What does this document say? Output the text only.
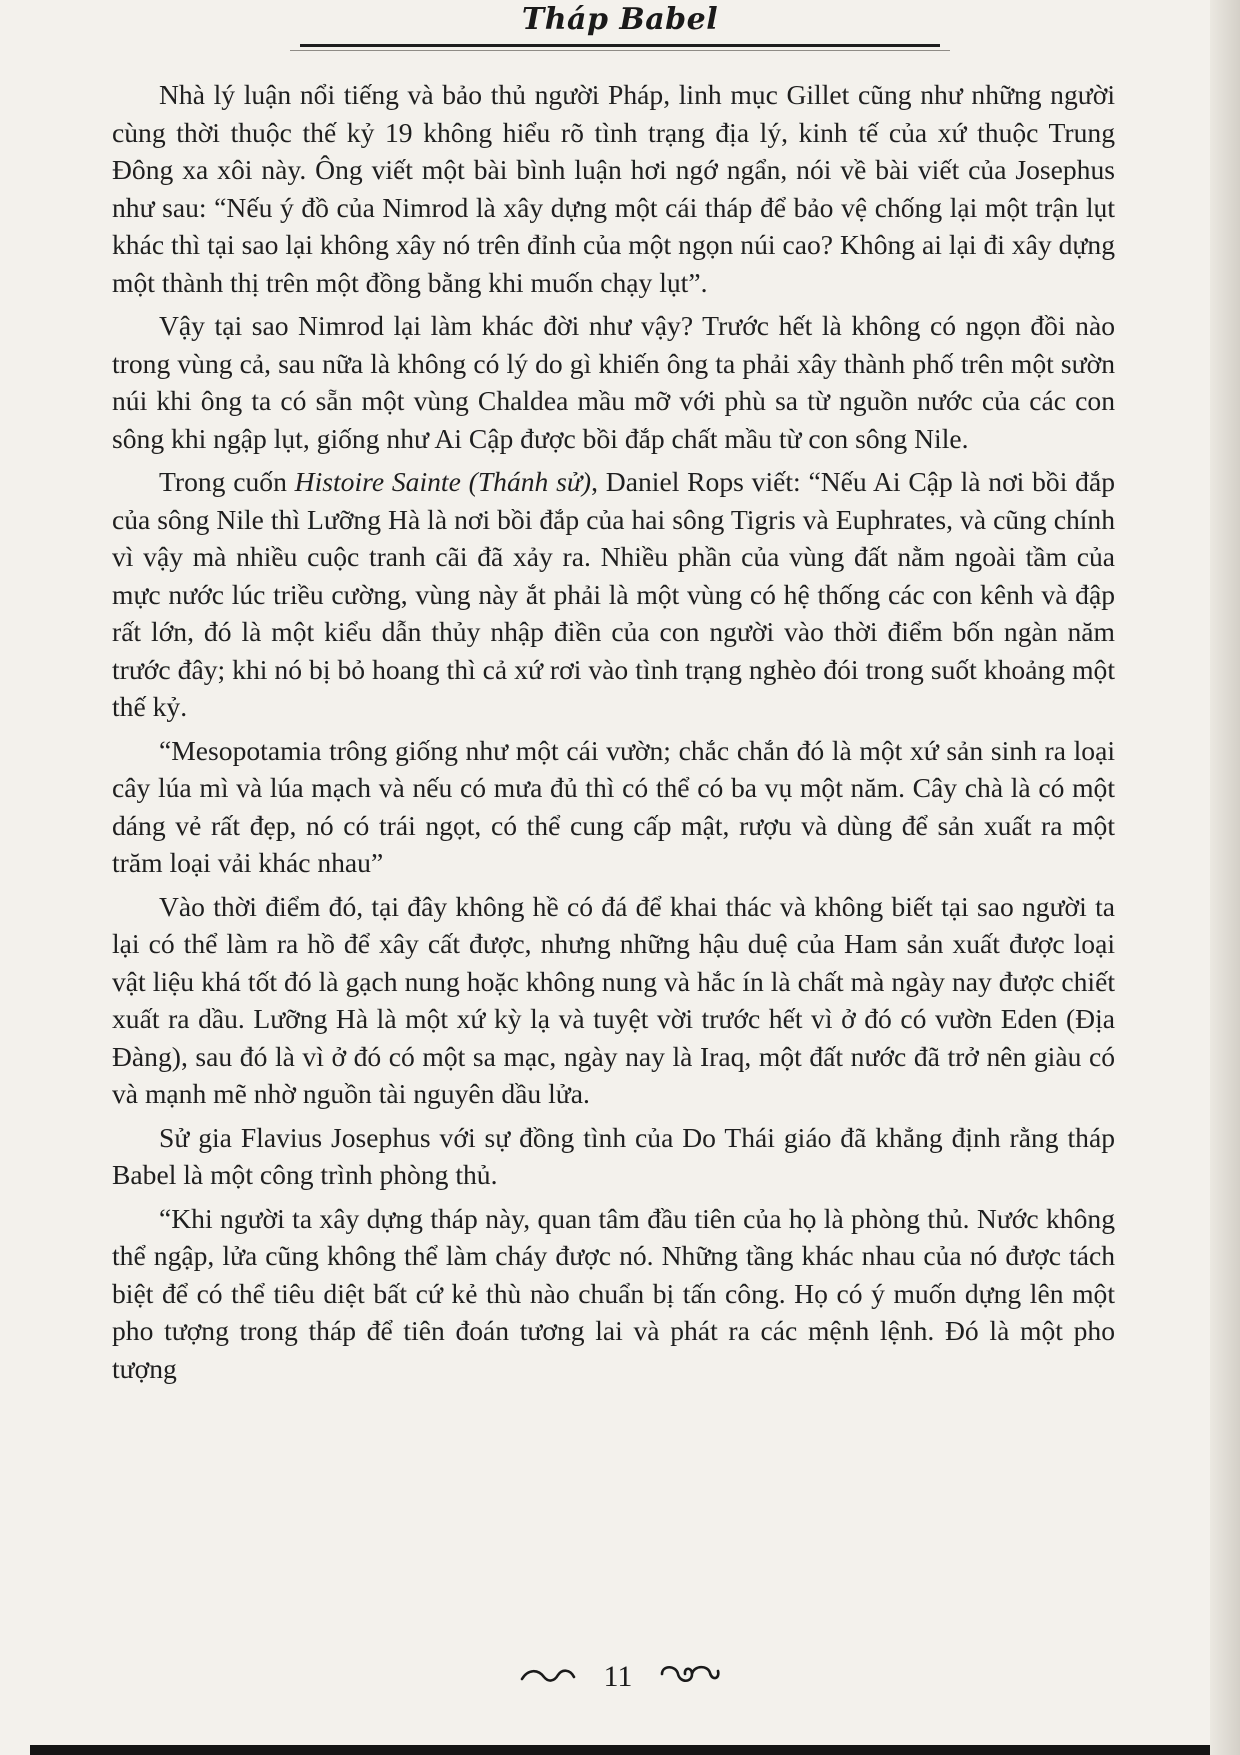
Tháp Babel

Nhà lý luận nổi tiếng và bảo thủ người Pháp, linh mục Gillet cũng như những người cùng thời thuộc thế kỷ 19 không hiểu rõ tình trạng địa lý, kinh tế của xứ thuộc Trung Đông xa xôi này. Ông viết một bài bình luận hơi ngớ ngẩn, nói về bài viết của Josephus như sau: “Nếu ý đồ của Nimrod là xây dựng một cái tháp để bảo vệ chống lại một trận lụt khác thì tại sao lại không xây nó trên đỉnh của một ngọn núi cao? Không ai lại đi xây dựng một thành thị trên một đồng bằng khi muốn chạy lụt”.

Vậy tại sao Nimrod lại làm khác đời như vậy? Trước hết là không có ngọn đồi nào trong vùng cả, sau nữa là không có lý do gì khiến ông ta phải xây thành phố trên một sườn núi khi ông ta có sẵn một vùng Chaldea mầu mỡ với phù sa từ nguồn nước của các con sông khi ngập lụt, giống như Ai Cập được bồi đắp chất mầu từ con sông Nile.

Trong cuốn Histoire Sainte (Thánh sử), Daniel Rops viết: “Nếu Ai Cập là nơi bồi đắp của sông Nile thì Lưỡng Hà là nơi bồi đắp của hai sông Tigris và Euphrates, và cũng chính vì vậy mà nhiều cuộc tranh cãi đã xảy ra. Nhiều phần của vùng đất nằm ngoài tầm của mực nước lúc triều cường, vùng này ắt phải là một vùng có hệ thống các con kênh và đập rất lớn, đó là một kiểu dẫn thủy nhập điền của con người vào thời điểm bốn ngàn năm trước đây; khi nó bị bỏ hoang thì cả xứ rơi vào tình trạng nghèo đói trong suốt khoảng một thế kỷ.

“Mesopotamia trông giống như một cái vườn; chắc chắn đó là một xứ sản sinh ra loại cây lúa mì và lúa mạch và nếu có mưa đủ thì có thể có ba vụ một năm. Cây chà là có một dáng vẻ rất đẹp, nó có trái ngọt, có thể cung cấp mật, rượu và dùng để sản xuất ra một trăm loại vải khác nhau”

Vào thời điểm đó, tại đây không hề có đá để khai thác và không biết tại sao người ta lại có thể làm ra hồ để xây cất được, nhưng những hậu duệ của Ham sản xuất được loại vật liệu khá tốt đó là gạch nung hoặc không nung và hắc ín là chất mà ngày nay được chiết xuất ra dầu. Lưỡng Hà là một xứ kỳ lạ và tuyệt vời trước hết vì ở đó có vườn Eden (Địa Đàng), sau đó là vì ở đó có một sa mạc, ngày nay là Iraq, một đất nước đã trở nên giàu có và mạnh mẽ nhờ nguồn tài nguyên dầu lửa.

Sử gia Flavius Josephus với sự đồng tình của Do Thái giáo đã khẳng định rằng tháp Babel là một công trình phòng thủ.

“Khi người ta xây dựng tháp này, quan tâm đầu tiên của họ là phòng thủ. Nước không thể ngập, lửa cũng không thể làm cháy được nó. Những tầng khác nhau của nó được tách biệt để có thể tiêu diệt bất cứ kẻ thù nào chuẩn bị tấn công. Họ có ý muốn dựng lên một pho tượng trong tháp để tiên đoán tương lai và phát ra các mệnh lệnh. Đó là một pho tượng

11
